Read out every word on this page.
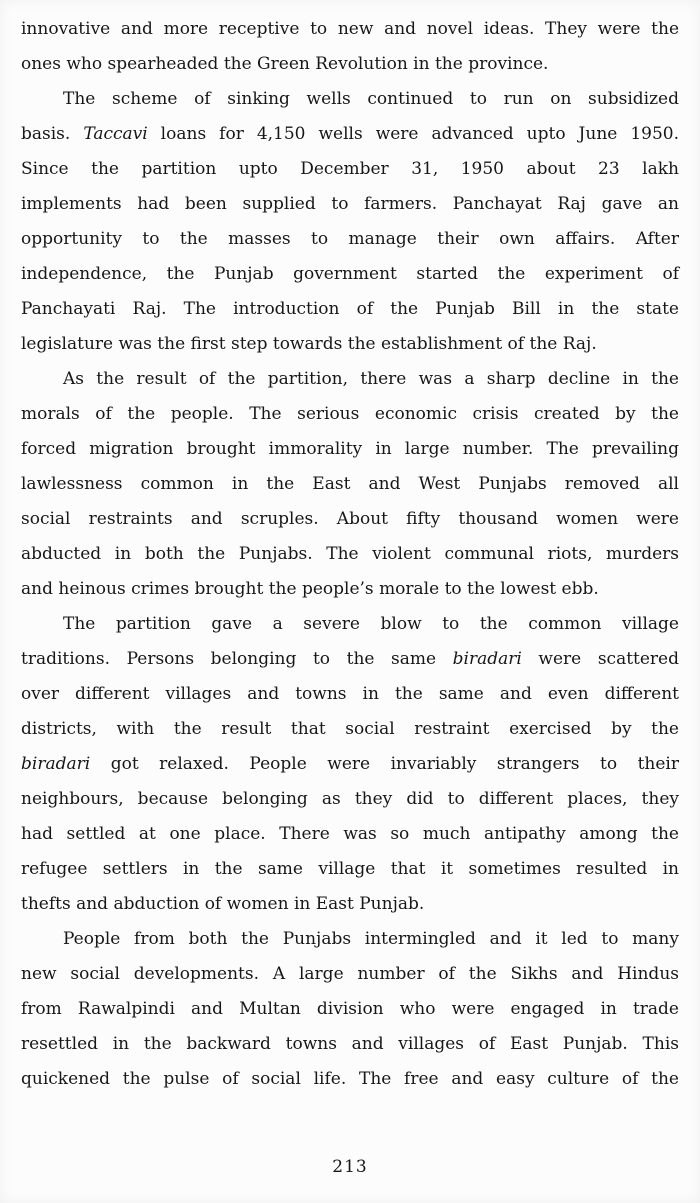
innovative and more receptive to new and novel ideas. They were the
ones who spearheaded the Green Revolution in the province.
The scheme of sinking wells continued to run on subsidized
basis. Taccavi loans for 4,150 wells were advanced upto June 1950.
Since the partition upto December 31, 1950 about 23 lakh
implements had been supplied to farmers. Panchayat Raj gave an
opportunity to the masses to manage their own affairs. After
independence, the Punjab government started the experiment of
Panchayati Raj. The introduction of the Punjab Bill in the state
legislature was the first step towards the establishment of the Raj.
As the result of the partition, there was a sharp decline in the
morals of the people. The serious economic crisis created by the
forced migration brought immorality in large number. The prevailing
lawlessness common in the East and West Punjabs removed all
social restraints and scruples. About fifty thousand women were
abducted in both the Punjabs. The violent communal riots, murders
and heinous crimes brought the people’s morale to the lowest ebb.
The partition gave a severe blow to the common village
traditions. Persons belonging to the same biradari were scattered
over different villages and towns in the same and even different
districts, with the result that social restraint exercised by the
biradari got relaxed. People were invariably strangers to their
neighbours, because belonging as they did to different places, they
had settled at one place. There was so much antipathy among the
refugee settlers in the same village that it sometimes resulted in
thefts and abduction of women in East Punjab.
People from both the Punjabs intermingled and it led to many
new social developments. A large number of the Sikhs and Hindus
from Rawalpindi and Multan division who were engaged in trade
resettled in the backward towns and villages of East Punjab. This
quickened the pulse of social life. The free and easy culture of the
213
